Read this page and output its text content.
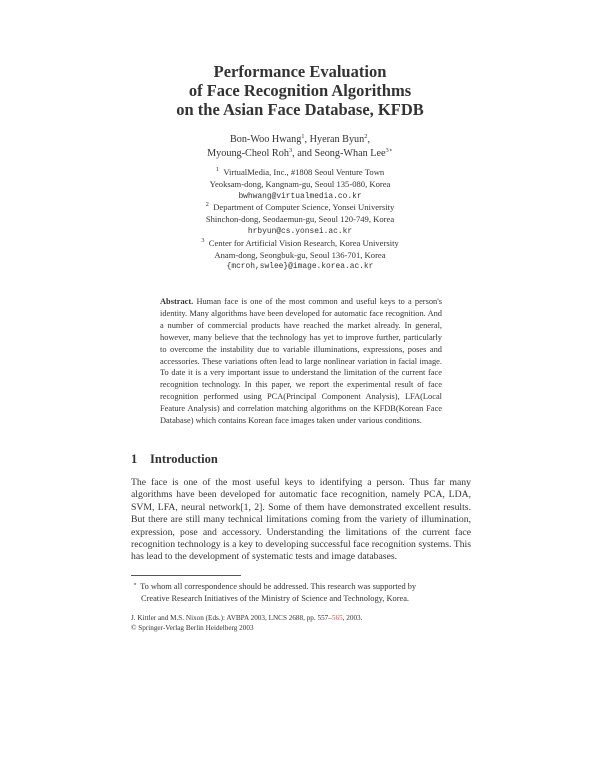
Performance Evaluation
of Face Recognition Algorithms
on the Asian Face Database, KFDB
Bon-Woo Hwang$^1$, Hyeran Byun$^2$,
Myoung-Cheol Roh$^3$, and Seong-Whan Lee$^{3⋆}$
$^1$ VirtualMedia, Inc., #1808 Seoul Venture Town
Yeoksam-dong, Kangnam-gu, Seoul 135-080, Korea
bwhwang@virtualmedia.co.kr
$^2$ Department of Computer Science, Yonsei University
Shinchon-dong, Seodaemun-gu, Seoul 120-749, Korea
hrbyun@cs.yonsei.ac.kr
$^3$ Center for Artificial Vision Research, Korea University
Anam-dong, Seongbuk-gu, Seoul 136-701, Korea
{mcroh,swlee}@image.korea.ac.kr
Abstract. Human face is one of the most common and useful keys to a person's identity. Many algorithms have been developed for automatic face recognition. And a number of commercial products have reached the market already. In general, however, many believe that the technology has yet to improve further, particularly to overcome the instability due to variable illuminations, expressions, poses and accessories. These variations often lead to large nonlinear variation in facial image. To date it is a very important issue to understand the limitation of the current face recognition technology. In this paper, we report the experimental result of face recognition performed using PCA(Principal Component Analysis), LFA(Local Feature Analysis) and correlation matching algorithms on the KFDB(Korean Face Database) which contains Korean face images taken under various conditions.
1 Introduction
The face is one of the most useful keys to identifying a person. Thus far many algorithms have been developed for automatic face recognition, namely PCA, LDA, SVM, LFA, neural network[1, 2]. Some of them have demonstrated excellent results. But there are still many technical limitations coming from the variety of illumination, expression, pose and accessory. Understanding the limitations of the current face recognition technology is a key to developing successful face recognition systems. This has lead to the development of systematic tests and image databases.
⋆ To whom all correspondence should be addressed. This research was supported by
Creative Research Initiatives of the Ministry of Science and Technology, Korea.
J. Kittler and M.S. Nixon (Eds.): AVBPA 2003, LNCS 2688, pp. 557–565, 2003.
© Springer-Verlag Berlin Heidelberg 2003
